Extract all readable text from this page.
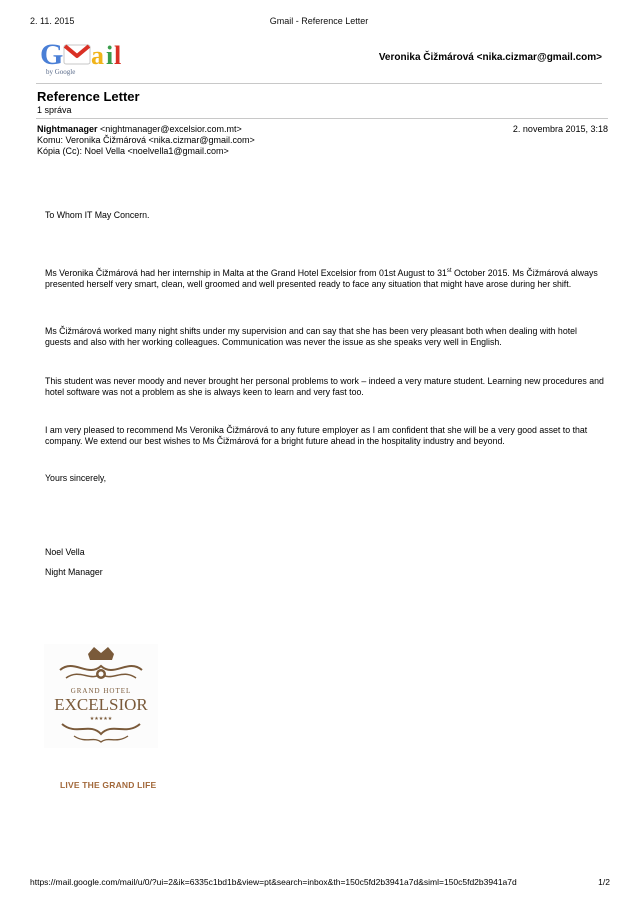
2. 11. 2015	Gmail - Reference Letter
G a i l
by Google
Veronika Čižmárová <nika.cizmar@gmail.com>
Reference Letter
1 správa
Nightmanager <nightmanager@excelsior.com.mt>	2. novembra 2015, 3:18
Komu: Veronika Čižmárová <nika.cizmar@gmail.com>
Kópia (Cc): Noel Vella <noelvella1@gmail.com>
To Whom IT May Concern.
Ms Veronika Čižmárová had her internship in Malta at the Grand Hotel Excelsior from 01st August to 31st October 2015. Ms Čižmárová always presented herself very smart, clean, well groomed and well presented ready to face any situation that might have arose during her shift.
Ms Čižmárová worked many night shifts under my supervision and can say that she has been very pleasant both when dealing with hotel guests and also with her working colleagues. Communication was never the issue as she speaks very well in English.
This student was never moody and never brought her personal problems to work – indeed a very mature student. Learning new procedures and hotel software was not a problem as she is always keen to learn and very fast too.
I am very pleased to recommend Ms Veronika Čižmárová to any future employer as I am confident that she will be a very good asset to that company. We extend our best wishes to Ms Čižmárová for a bright future ahead in the hospitality industry and beyond.
Yours sincerely,
Noel Vella
Night Manager
GRAND HOTEL
EXCELSIOR
★★★★★
LIVE THE GRAND LIFE
https://mail.google.com/mail/u/0/?ui=2&ik=6335c1bd1b&view=pt&search=inbox&th=150c5fd2b3941a7d&siml=150c5fd2b3941a7d	1/2
